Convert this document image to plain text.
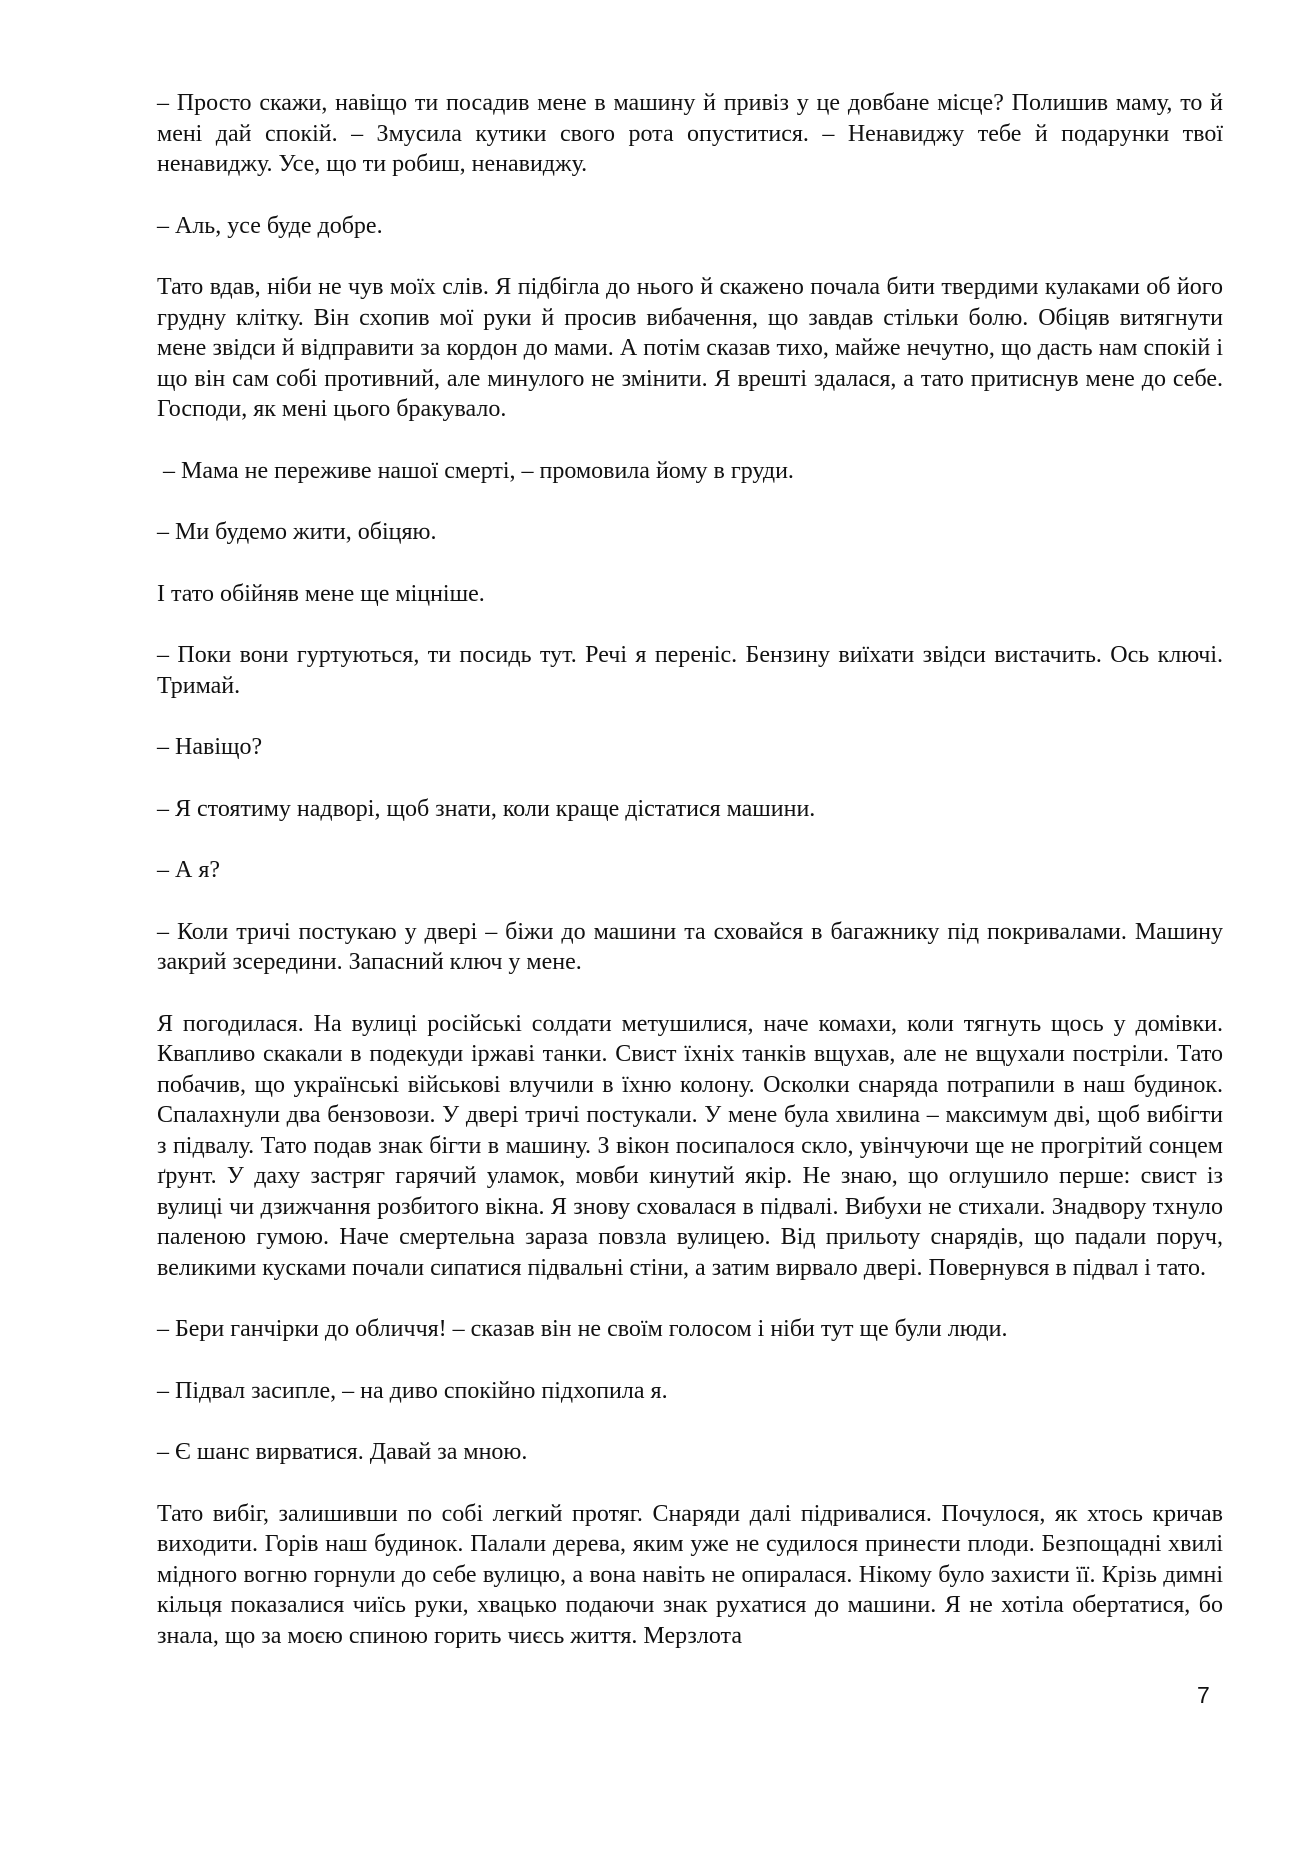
– Просто скажи, навіщо ти посадив мене в машину й привіз у це довбане місце? Полишив маму, то й мені дай спокій. – Змусила кутики свого рота опуститися. – Ненавиджу тебе й подарунки твої ненавиджу. Усе, що ти робиш, ненавиджу.

– Аль, усе буде добре.

Тато вдав, ніби не чув моїх слів. Я підбігла до нього й скажено почала бити твердими кулаками об його грудну клітку. Він схопив мої руки й просив вибачення, що завдав стільки болю. Обіцяв витягнути мене звідси й відправити за кордон до мами. А потім сказав тихо, майже нечутно, що дасть нам спокій і що він сам собі противний, але минулого не змінити. Я врешті здалася, а тато притиснув мене до себе. Господи, як мені цього бракувало.

– Мама не переживе нашої смерті, – промовила йому в груди.

– Ми будемо жити, обіцяю.

І тато обійняв мене ще міцніше.

– Поки вони гуртуються, ти посидь тут. Речі я переніс. Бензину виїхати звідси вистачить. Ось ключі. Тримай.

– Навіщо?

– Я стоятиму надворі, щоб знати, коли краще дістатися машини.

– А я?

– Коли тричі постукаю у двері – біжи до машини та сховайся в багажнику під покривалами. Машину закрий зсередини. Запасний ключ у мене.

Я погодилася. На вулиці російські солдати метушилися, наче комахи, коли тягнуть щось у домівки. Квапливо скакали в подекуди іржаві танки. Свист їхніх танків вщухав, але не вщухали постріли. Тато побачив, що українські військові влучили в їхню колону. Осколки снаряда потрапили в наш будинок. Спалахнули два бензовози. У двері тричі постукали. У мене була хвилина – максимум дві, щоб вибігти з підвалу. Тато подав знак бігти в машину. З вікон посипалося скло, увінчуючи ще не прогрітий сонцем ґрунт. У даху застряг гарячий уламок, мовби кинутий якір. Не знаю, що оглушило перше: свист із вулиці чи дзижчання розбитого вікна. Я знову сховалася в підвалі. Вибухи не стихали. Знадвору тхнуло паленою гумою. Наче смертельна зараза повзла вулицею. Від прильоту снарядів, що падали поруч, великими кусками почали сипатися підвальні стіни, а затим вирвало двері. Повернувся в підвал і тато.

– Бери ганчірки до обличчя! – сказав він не своїм голосом і ніби тут ще були люди.

– Підвал засипле, – на диво спокійно підхопила я.

– Є шанс вирватися. Давай за мною.

Тато вибіг, залишивши по собі легкий протяг. Снаряди далі підривалися. Почулося, як хтось кричав виходити. Горів наш будинок. Палали дерева, яким уже не судилося принести плоди. Безпощадні хвилі мідного вогню горнули до себе вулицю, а вона навіть не опиралася. Нікому було захисти її. Крізь димні кільця показалися чиїсь руки, хвацько подаючи знак рухатися до машини. Я не хотіла обертатися, бо знала, що за моєю спиною горить чиєсь життя. Мерзлота

7
